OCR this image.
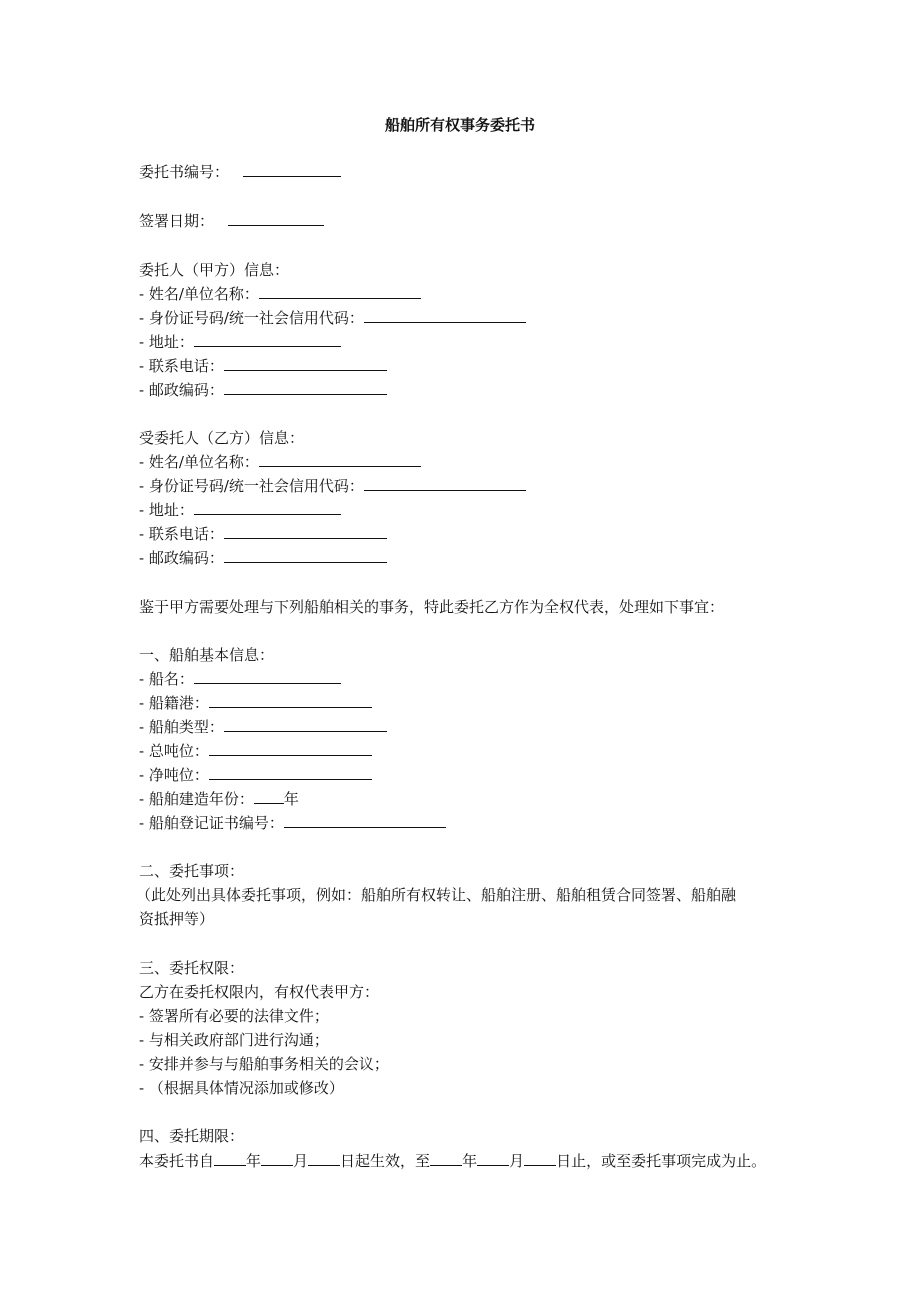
船舶所有权事务委托书
委托书编号：
签署日期：
委托人（甲方）信息：
- 姓名/单位名称：
- 身份证号码/统一社会信用代码：
- 地址：
- 联系电话：
- 邮政编码：
受委托人（乙方）信息：
- 姓名/单位名称：
- 身份证号码/统一社会信用代码：
- 地址：
- 联系电话：
- 邮政编码：
鉴于甲方需要处理与下列船舶相关的事务，特此委托乙方作为全权代表，处理如下事宜：
一、船舶基本信息：
- 船名：
- 船籍港：
- 船舶类型：
- 总吨位：
- 净吨位：
- 船舶建造年份： 年
- 船舶登记证书编号：
二、委托事项：
（此处列出具体委托事项，例如：船舶所有权转让、船舶注册、船舶租赁合同签署、船舶融
资抵押等）
三、委托权限：
乙方在委托权限内，有权代表甲方：
- 签署所有必要的法律文件；
- 与相关政府部门进行沟通；
- 安排并参与与船舶事务相关的会议；
- （根据具体情况添加或修改）
四、委托期限：
本委托书自 年 月 日起生效，至 年 月 日止，或至委托事项完成为止。
